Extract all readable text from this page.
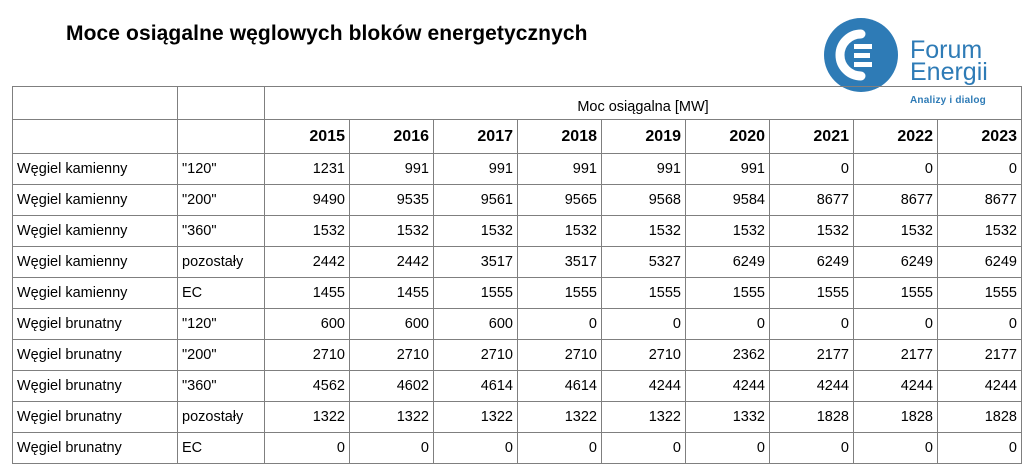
Moce osiągalne węglowych bloków energetycznych
Forum
Energii
Analizy i dialog
		Moc osiągalna [MW]								
		2015	2016	2017	2018	2019	2020	2021	2022	2023
Węgiel kamienny	"120"	1231	991	991	991	991	991	0	0	0
Węgiel kamienny	"200"	9490	9535	9561	9565	9568	9584	8677	8677	8677
Węgiel kamienny	"360"	1532	1532	1532	1532	1532	1532	1532	1532	1532
Węgiel kamienny	pozostały	2442	2442	3517	3517	5327	6249	6249	6249	6249
Węgiel kamienny	EC	1455	1455	1555	1555	1555	1555	1555	1555	1555
Węgiel brunatny	"120"	600	600	600	0	0	0	0	0	0
Węgiel brunatny	"200"	2710	2710	2710	2710	2710	2362	2177	2177	2177
Węgiel brunatny	"360"	4562	4602	4614	4614	4244	4244	4244	4244	4244
Węgiel brunatny	pozostały	1322	1322	1322	1322	1322	1332	1828	1828	1828
Węgiel brunatny	EC	0	0	0	0	0	0	0	0	0
